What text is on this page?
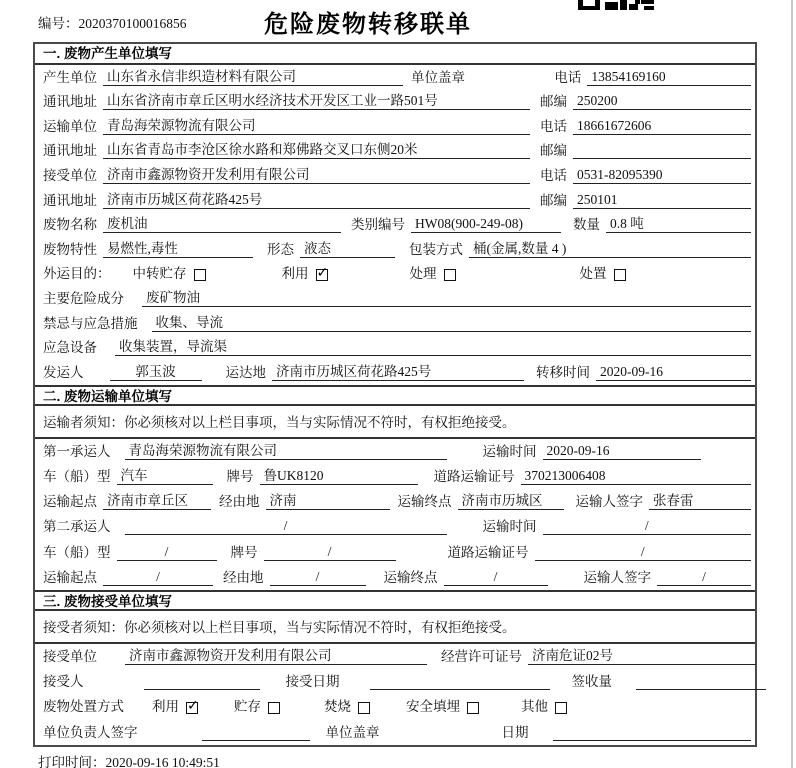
编号：2020370100016856	危险废物转移联单
一. 废物产生单位填写
产生单位 山东省永信非织造材料有限公司	单位盖章	电话 13854169160
通讯地址 山东省济南市章丘区明水经济技术开发区工业一路501号	邮编 250200
运输单位 青岛海荣源物流有限公司	电话 18661672606
通讯地址 山东省青岛市李沧区徐水路和郑佛路交叉口东侧20米	邮编
接受单位 济南市鑫源物资开发利用有限公司	电话 0531-82095390
通讯地址 济南市历城区荷花路425号	邮编 250101
废物名称 废机油	类别编号 HW08(900-249-08)	数量 0.8 吨
废物特性 易燃性,毒性	形态 液态	包装方式 桶(金属,数量 4 )
外运目的： 中转贮存	利用 ✓	处理	处置
主要危险成分 废矿物油
禁忌与应急措施 收集、导流
应急设备 收集装置，导流渠
发运人	郭玉波	运达地 济南市历城区荷花路425号	转移时间 2020-09-16
二. 废物运输单位填写
运输者须知：你必须核对以上栏目事项，当与实际情况不符时，有权拒绝接受。
第一承运人 青岛海荣源物流有限公司	运输时间 2020-09-16
车（船）型 汽车	牌号 鲁UK8120	道路运输证号 370213006408
运输起点 济南市章丘区	经由地 济南	运输终点 济南市历城区	运输人签字 张春雷
第二承运人	/	运输时间	/
车（船）型	/	牌号	/	道路运输证号	/
运输起点	/	经由地	/	运输终点	/	运输人签字	/
三. 废物接受单位填写
接受者须知：你必须核对以上栏目事项，当与实际情况不符时，有权拒绝接受。
接受单位 济南市鑫源物资开发利用有限公司	经营许可证号 济南危证02号
接受人	接受日期	签收量
废物处置方式 利用 ✓	贮存	焚烧	安全填埋	其他
单位负责人签字	单位盖章	日期
打印时间：2020-09-16 10:49:51
